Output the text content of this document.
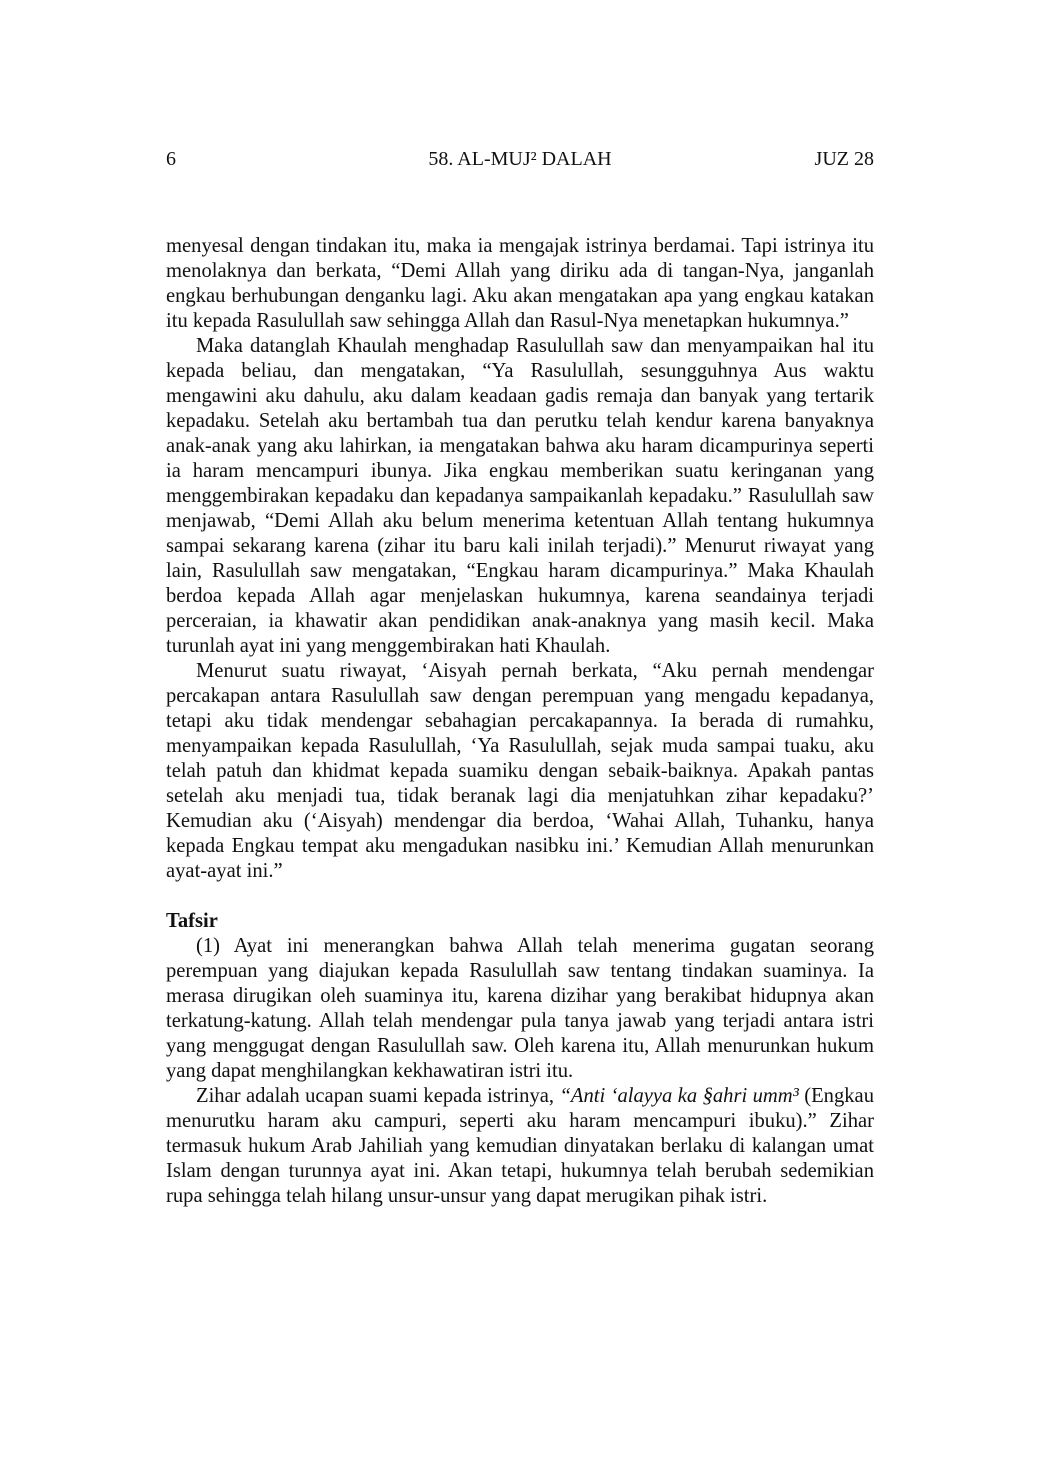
6	58. AL-MUJ² DALAH	JUZ 28

menyesal dengan tindakan itu, maka ia mengajak istrinya berdamai. Tapi istrinya itu menolaknya dan berkata, “Demi Allah yang diriku ada di tangan-Nya, janganlah engkau berhubungan denganku lagi. Aku akan mengatakan apa yang engkau katakan itu kepada Rasulullah saw sehingga Allah dan Rasul-Nya menetapkan hukumnya.”

Maka datanglah Khaulah menghadap Rasulullah saw dan menyampaikan hal itu kepada beliau, dan mengatakan, “Ya Rasulullah, sesungguhnya Aus waktu mengawini aku dahulu, aku dalam keadaan gadis remaja dan banyak yang tertarik kepadaku. Setelah aku bertambah tua dan perutku telah kendur karena banyaknya anak-anak yang aku lahirkan, ia mengatakan bahwa aku haram dicampurinya seperti ia haram mencampuri ibunya. Jika engkau memberikan suatu keringanan yang menggembirakan kepadaku dan kepadanya sampaikanlah kepadaku.” Rasulullah saw menjawab, “Demi Allah aku belum menerima ketentuan Allah tentang hukumnya sampai sekarang karena (zihar itu baru kali inilah terjadi).” Menurut riwayat yang lain, Rasulullah saw mengatakan, “Engkau haram dicampurinya.” Maka Khaulah berdoa kepada Allah agar menjelaskan hukumnya, karena seandainya terjadi perceraian, ia khawatir akan pendidikan anak-anaknya yang masih kecil. Maka turunlah ayat ini yang menggembirakan hati Khaulah.

Menurut suatu riwayat, ‘Aisyah pernah berkata, “Aku pernah mendengar percakapan antara Rasulullah saw dengan perempuan yang mengadu kepadanya, tetapi aku tidak mendengar sebahagian percakapannya. Ia berada di rumahku, menyampaikan kepada Rasulullah, ‘Ya Rasulullah, sejak muda sampai tuaku, aku telah patuh dan khidmat kepada suamiku dengan sebaik-baiknya. Apakah pantas setelah aku menjadi tua, tidak beranak lagi dia menjatuhkan zihar kepadaku?’ Kemudian aku (‘Aisyah) mendengar dia berdoa, ‘Wahai Allah, Tuhanku, hanya kepada Engkau tempat aku mengadukan nasibku ini.’ Kemudian Allah menurunkan ayat-ayat ini.”

Tafsir

(1) Ayat ini menerangkan bahwa Allah telah menerima gugatan seorang perempuan yang diajukan kepada Rasulullah saw tentang tindakan suaminya. Ia merasa dirugikan oleh suaminya itu, karena dizihar yang berakibat hidupnya akan terkatung-katung. Allah telah mendengar pula tanya jawab yang terjadi antara istri yang menggugat dengan Rasulullah saw. Oleh karena itu, Allah menurunkan hukum yang dapat menghilangkan kekhawatiran istri itu.

Zihar adalah ucapan suami kepada istrinya, “Anti ‘alayya ka §ahri umm³ (Engkau menurutku haram aku campuri, seperti aku haram mencampuri ibuku).” Zihar termasuk hukum Arab Jahiliah yang kemudian dinyatakan berlaku di kalangan umat Islam dengan turunnya ayat ini. Akan tetapi, hukumnya telah berubah sedemikian rupa sehingga telah hilang unsur-unsur yang dapat merugikan pihak istri.
